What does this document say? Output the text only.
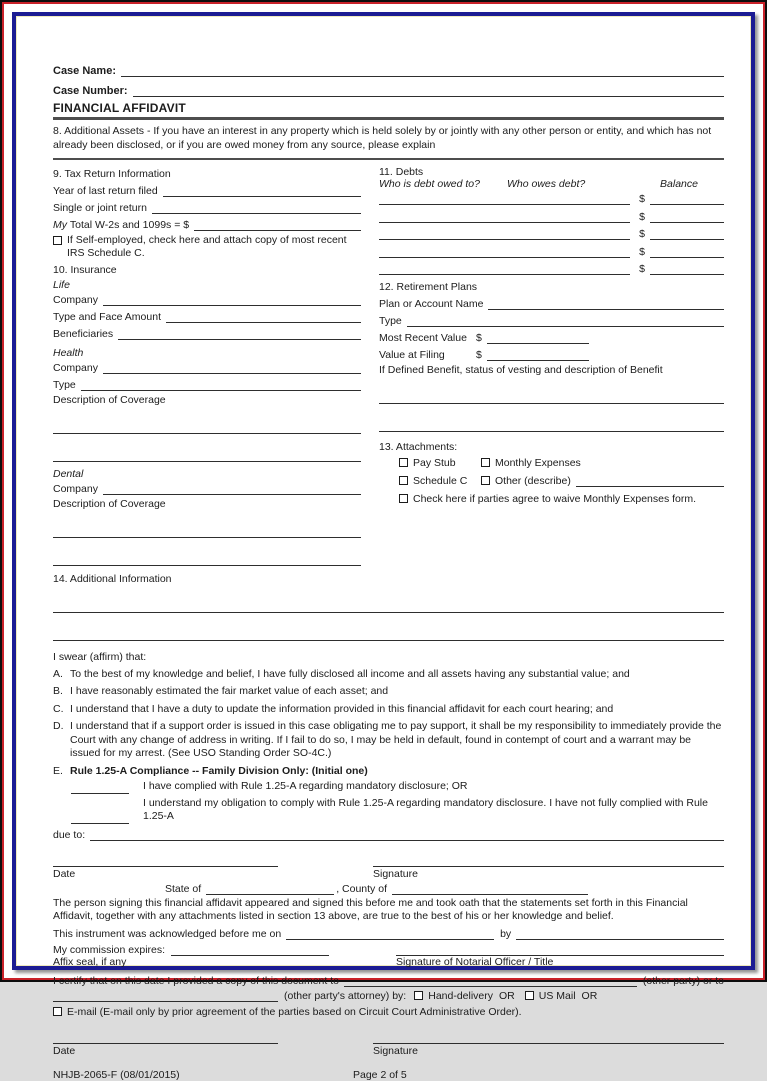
Case Name:
Case Number:
FINANCIAL AFFIDAVIT
8. Additional Assets - If you have an interest in any property which is held solely by or jointly with any other person or entity, and which has not already been disclosed, or if you are owed money from any source, please explain
9. Tax Return Information
Year of last return filed
Single or joint return
My Total W-2s and 1099s = $
If Self-employed, check here and attach copy of most recent IRS Schedule C.
10. Insurance
Life
Company
Type and Face Amount
Beneficiaries
Health
Company
Type
Description of Coverage
Dental
Company
Description of Coverage
11. Debts
Who is debt owed to?	Who owes debt?	Balance
$
$
$
$
$
12. Retirement Plans
Plan or Account Name
Type
Most Recent Value $
Value at Filing	$
If Defined Benefit, status of vesting and description of Benefit
13. Attachments:
Pay Stub	Monthly Expenses
Schedule C	Other (describe)
Check here if parties agree to waive Monthly Expenses form.
14. Additional Information

I swear (affirm) that:

A. To the best of my knowledge and belief, I have fully disclosed all income and all assets having any substantial value; and
B. I have reasonably estimated the fair market value of each asset; and
C. I understand that I have a duty to update the information provided in this financial affidavit for each court hearing; and
D. I understand that if a support order is issued in this case obligating me to pay support, it shall be my responsibility to immediately provide the Court with any change of address in writing. If I fail to do so, I may be held in default, found in contempt of court and a warrant may be issued for my arrest. (See USO Standing Order SO-4C.)
E. Rule 1.25-A Compliance -- Family Division Only: (Initial one)
I have complied with Rule 1.25-A regarding mandatory disclosure; OR
I understand my obligation to comply with Rule 1.25-A regarding mandatory disclosure. I have not fully complied with Rule 1.25-A
due to:
Date	Signature
State of	, County of
The person signing this financial affidavit appeared and signed this before me and took oath that the statements set forth in this Financial Affidavit, together with any attachments listed in section 13 above, are true to the best of his or her knowledge and belief.
This instrument was acknowledged before me on	by
My commission expires:
Affix seal, if any	Signature of Notarial Officer / Title
I certify that on this date I provided a copy of this document to	(other party) or to
(other party's attorney) by: Hand-delivery OR US Mail OR
E-mail (E-mail only by prior agreement of the parties based on Circuit Court Administrative Order).
Date	Signature
NHJB-2065-F (08/01/2015)	Page 2 of 5
